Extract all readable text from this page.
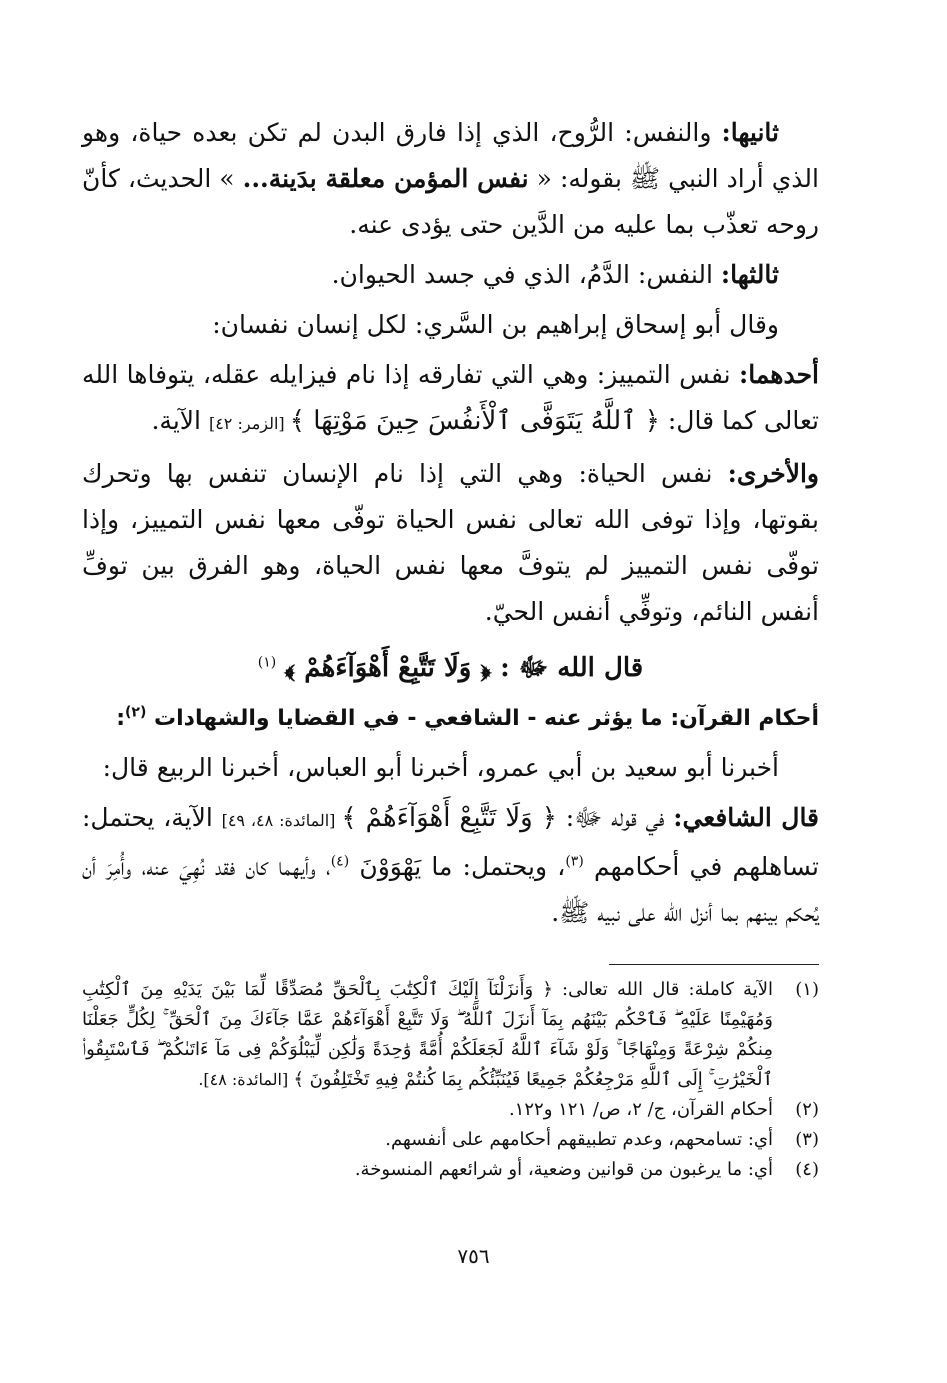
ثانيها: والنفس: الرُّوح، الذي إذا فارق البدن لم تكن بعده حياة، وهو الذي أراد النبي ﷺ بقوله: « نفس المؤمن معلقة بدَينة... » الحديث، كأنّ روحه تعذّب بما عليه من الدَّين حتى يؤدى عنه.

ثالثها: النفس: الدَّمُ، الذي في جسد الحيوان.

وقال أبو إسحاق إبراهيم بن السَّري: لكل إنسان نفسان:

أحدهما: نفس التمييز: وهي التي تفارقه إذا نام فيزايله عقله، يتوفاها الله تعالى كما قال: ﴿ ٱللَّهُ يَتَوَفَّى ٱلْأَنفُسَ حِينَ مَوْتِهَا ﴾ [الزمر: ٤٢] الآية.

والأخرى: نفس الحياة: وهي التي إذا نام الإنسان تنفس بها وتحرك بقوتها، وإذا توفى الله تعالى نفس الحياة توفّى معها نفس التمييز، وإذا توفّى نفس التمييز لم يتوفَّ معها نفس الحياة، وهو الفرق بين توفِّ أنفس النائم، وتوفِّي أنفس الحيّ.

قال الله ﷻ : ﴿ وَلَا تَتَّبِعْ أَهْوَآءَهُمْ ﴾ $^{(١)}$
أحكام القرآن: ما يؤثر عنه - الشافعي - في القضايا والشهادات $^{(٢)}$:

أخبرنا أبو سعيد بن أبي عمرو، أخبرنا أبو العباس، أخبرنا الربيع قال:

قال الشافعي: في قوله ﷻ: ﴿ وَلَا تَتَّبِعْ أَهْوَآءَهُمْ ﴾ [المائدة: ٤٨، ٤٩] الآية، يحتمل: تساهلهم في أحكامهم $^{(٣)}$، ويحتمل: ما يَهْوَوْنَ $^{(٤)}$، وأيهما كان فقد نُهِيَ عنه، وأُمِرَ أن يُحكم بينهم بما أنزل الله على نبيه ﷺ.

(١)
الآية كاملة: قال الله تعالى: ﴿ وَأَنزَلْنَآ إِلَيْكَ ٱلْكِتَٰبَ بِٱلْحَقِّ مُصَدِّقًا لِّمَا بَيْنَ يَدَيْهِ مِنَ ٱلْكِتَٰبِ وَمُهَيْمِنًا عَلَيْهِ ۖ فَٱحْكُم بَيْنَهُم بِمَآ أَنزَلَ ٱللَّهُ ۖ وَلَا تَتَّبِعْ أَهْوَآءَهُمْ عَمَّا جَآءَكَ مِنَ ٱلْحَقِّ ۚ لِكُلٍّ جَعَلْنَا مِنكُمْ شِرْعَةً وَمِنْهَاجًا ۚ وَلَوْ شَآءَ ٱللَّهُ لَجَعَلَكُمْ أُمَّةً وَٰحِدَةً وَلَٰكِن لِّيَبْلُوَكُمْ فِى مَآ ءَاتَىٰكُمْ ۖ فَٱسْتَبِقُوا۟ ٱلْخَيْرَٰتِ ۚ إِلَى ٱللَّهِ مَرْجِعُكُمْ جَمِيعًا فَيُنَبِّئُكُم بِمَا كُنتُمْ فِيهِ تَخْتَلِفُونَ ﴾ [المائدة: ٤٨].
(٢)
أحكام القرآن، ج/ ٢، ص/ ١٢١ و١٢٢.
(٣)
أي: تسامحهم، وعدم تطبيقهم أحكامهم على أنفسهم.
(٤)
أي: ما يرغبون من قوانين وضعية، أو شرائعهم المنسوخة.
٧٥٦
